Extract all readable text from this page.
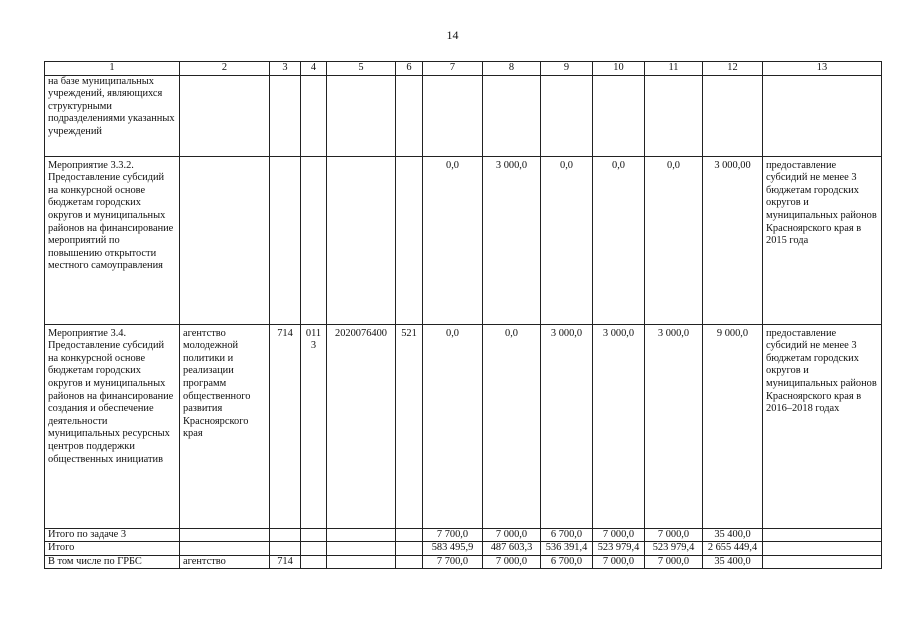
14
1	2	3	4	5	6	7	8	9	10	11	12	13
на базе муниципальных учреждений, являющихся структурными подразделениями указанных учреждений												
Мероприятие 3.3.2. Предоставление субсидий на конкурсной основе бюджетам городских округов и муниципальных районов на финансирование мероприятий по повышению открытости местного самоуправления						0,0	3 000,0	0,0	0,0	0,0	3 000,00	предоставление субсидий не менее 3 бюджетам городских округов и муниципальных районов Красноярского края в 2015 года
Мероприятие 3.4. Предоставление субсидий на конкурсной основе бюджетам городских округов и муниципальных районов на финансирование создания и обеспечение деятельности муниципальных ресурсных центров поддержки общественных инициатив	агентство молодежной политики и реализации программ общественного развития Красноярского края	714	0113	2020076400	521	0,0	0,0	3 000,0	3 000,0	3 000,0	9 000,0	предоставление субсидий не менее 3 бюджетам городских округов и муниципальных районов Красноярского края в 2016–2018 годах
Итого по задаче 3						7 700,0	7 000,0	6 700,0	7 000,0	7 000,0	35 400,0	
Итого						583 495,9	487 603,3	536 391,4	523 979,4	523 979,4	2 655 449,4	
В том числе по ГРБС	агентство	714				7 700,0	7 000,0	6 700,0	7 000,0	7 000,0	35 400,0	
